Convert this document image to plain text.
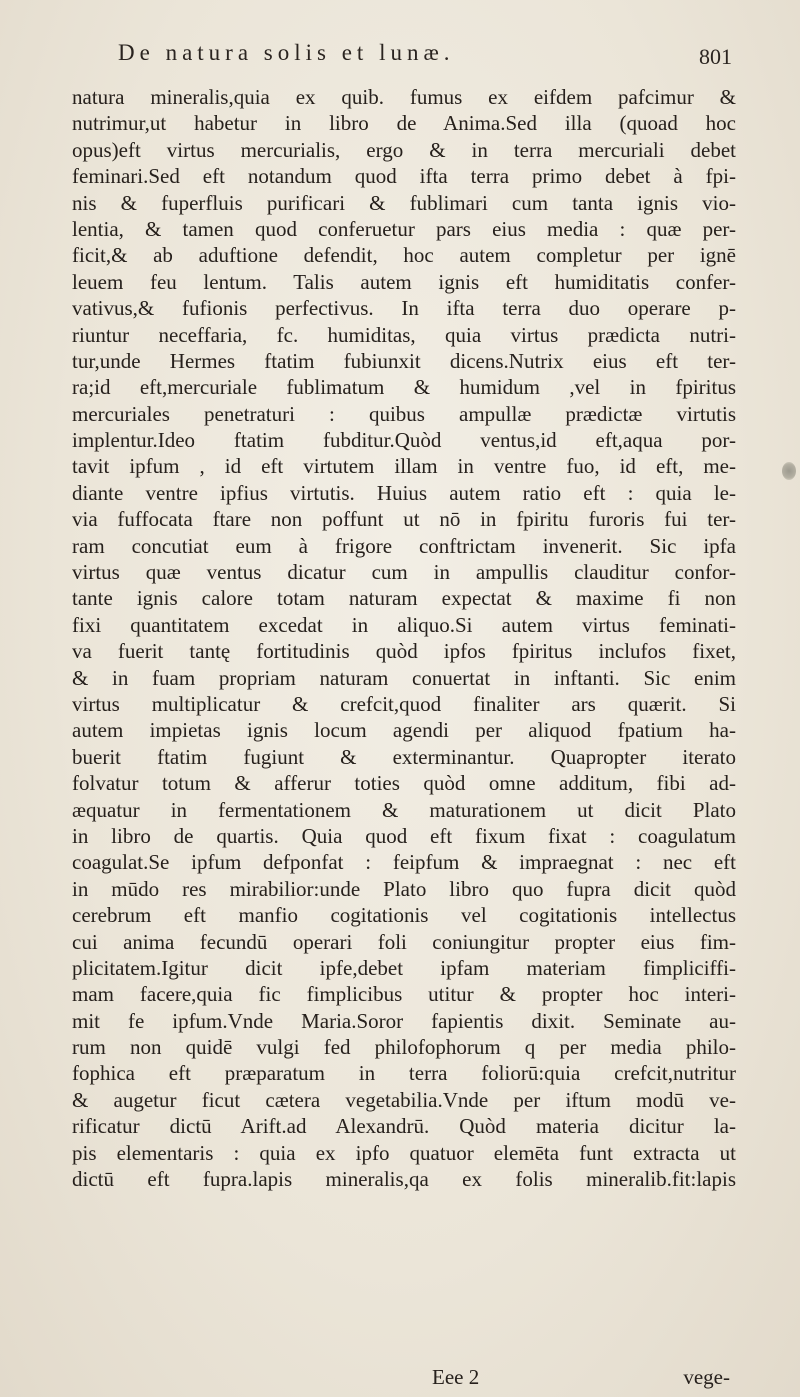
De natura solis et lunæ.	801
natura mineralis,quia ex quib. fumus ex eifdem pafcimur &
nutrimur,ut habetur in libro de Anima.Sed illa (quoad hoc
opus)eft virtus mercurialis, ergo & in terra mercuriali debet
feminari.Sed eft notandum quod ifta terra primo debet à fpi-
nis & fuperfluis purificari & fublimari cum tanta ignis vio-
lentia, & tamen quod conferuetur pars eius media : quæ per-
ficit,& ab aduftione defendit, hoc autem completur per ignē
leuem feu lentum. Talis autem ignis eft humiditatis confer-
vativus,& fufionis perfectivus. In ifta terra duo operare p-
riuntur neceffaria, fc. humiditas, quia virtus prædicta nutri-
tur,unde Hermes ftatim fubiunxit dicens.Nutrix eius eft ter-
ra;id eft,mercuriale fublimatum & humidum ,vel in fpiritus
mercuriales penetraturi : quibus ampullæ prædictæ virtutis
implentur.Ideo ftatim fubditur.Quòd ventus,id eft,aqua por-
tavit ipfum , id eft virtutem illam in ventre fuo, id eft, me-
diante ventre ipfius virtutis. Huius autem ratio eft : quia le-
via fuffocata ftare non poffunt ut nō in fpiritu furoris fui ter-
ram concutiat eum à frigore conftrictam invenerit. Sic ipfa
virtus quæ ventus dicatur cum in ampullis clauditur confor-
tante ignis calore totam naturam expectat & maxime fi non
fixi quantitatem excedat in aliquo.Si autem virtus feminati-
va fuerit tantę fortitudinis quòd ipfos fpiritus inclufos fixet,
& in fuam propriam naturam conuertat in inftanti. Sic enim
virtus multiplicatur & crefcit,quod finaliter ars quærit. Si
autem impietas ignis locum agendi per aliquod fpatium ha-
buerit ftatim fugiunt & exterminantur. Quapropter iterato
folvatur totum & afferur toties quòd omne additum, fibi ad-
æquatur in fermentationem & maturationem ut dicit Plato
in libro de quartis. Quia quod eft fixum fixat : coagulatum
coagulat.Se ipfum defponfat : feipfum & impraegnat : nec eft
in mūdo res mirabilior:unde Plato libro quo fupra dicit quòd
cerebrum eft manfio cogitationis vel cogitationis intellectus
cui anima fecundū operari foli coniungitur propter eius fim-
plicitatem.Igitur dicit ipfe,debet ipfam materiam fimpliciffi-
mam facere,quia fic fimplicibus utitur & propter hoc interi-
mit fe ipfum.Vnde Maria.Soror fapientis dixit. Seminate au-
rum non quidē vulgi fed philofophorum q per media philo-
fophica eft præparatum in terra foliorū:quia crefcit,nutritur
& augetur ficut cætera vegetabilia.Vnde per iftum modū ve-
rificatur dictū Arift.ad Alexandrū. Quòd materia dicitur la-
pis elementaris : quia ex ipfo quatuor elemēta funt extracta ut
dictū eft fupra.lapis mineralis,qa ex folis mineralib.fit:lapis
Eee 2	vege-
